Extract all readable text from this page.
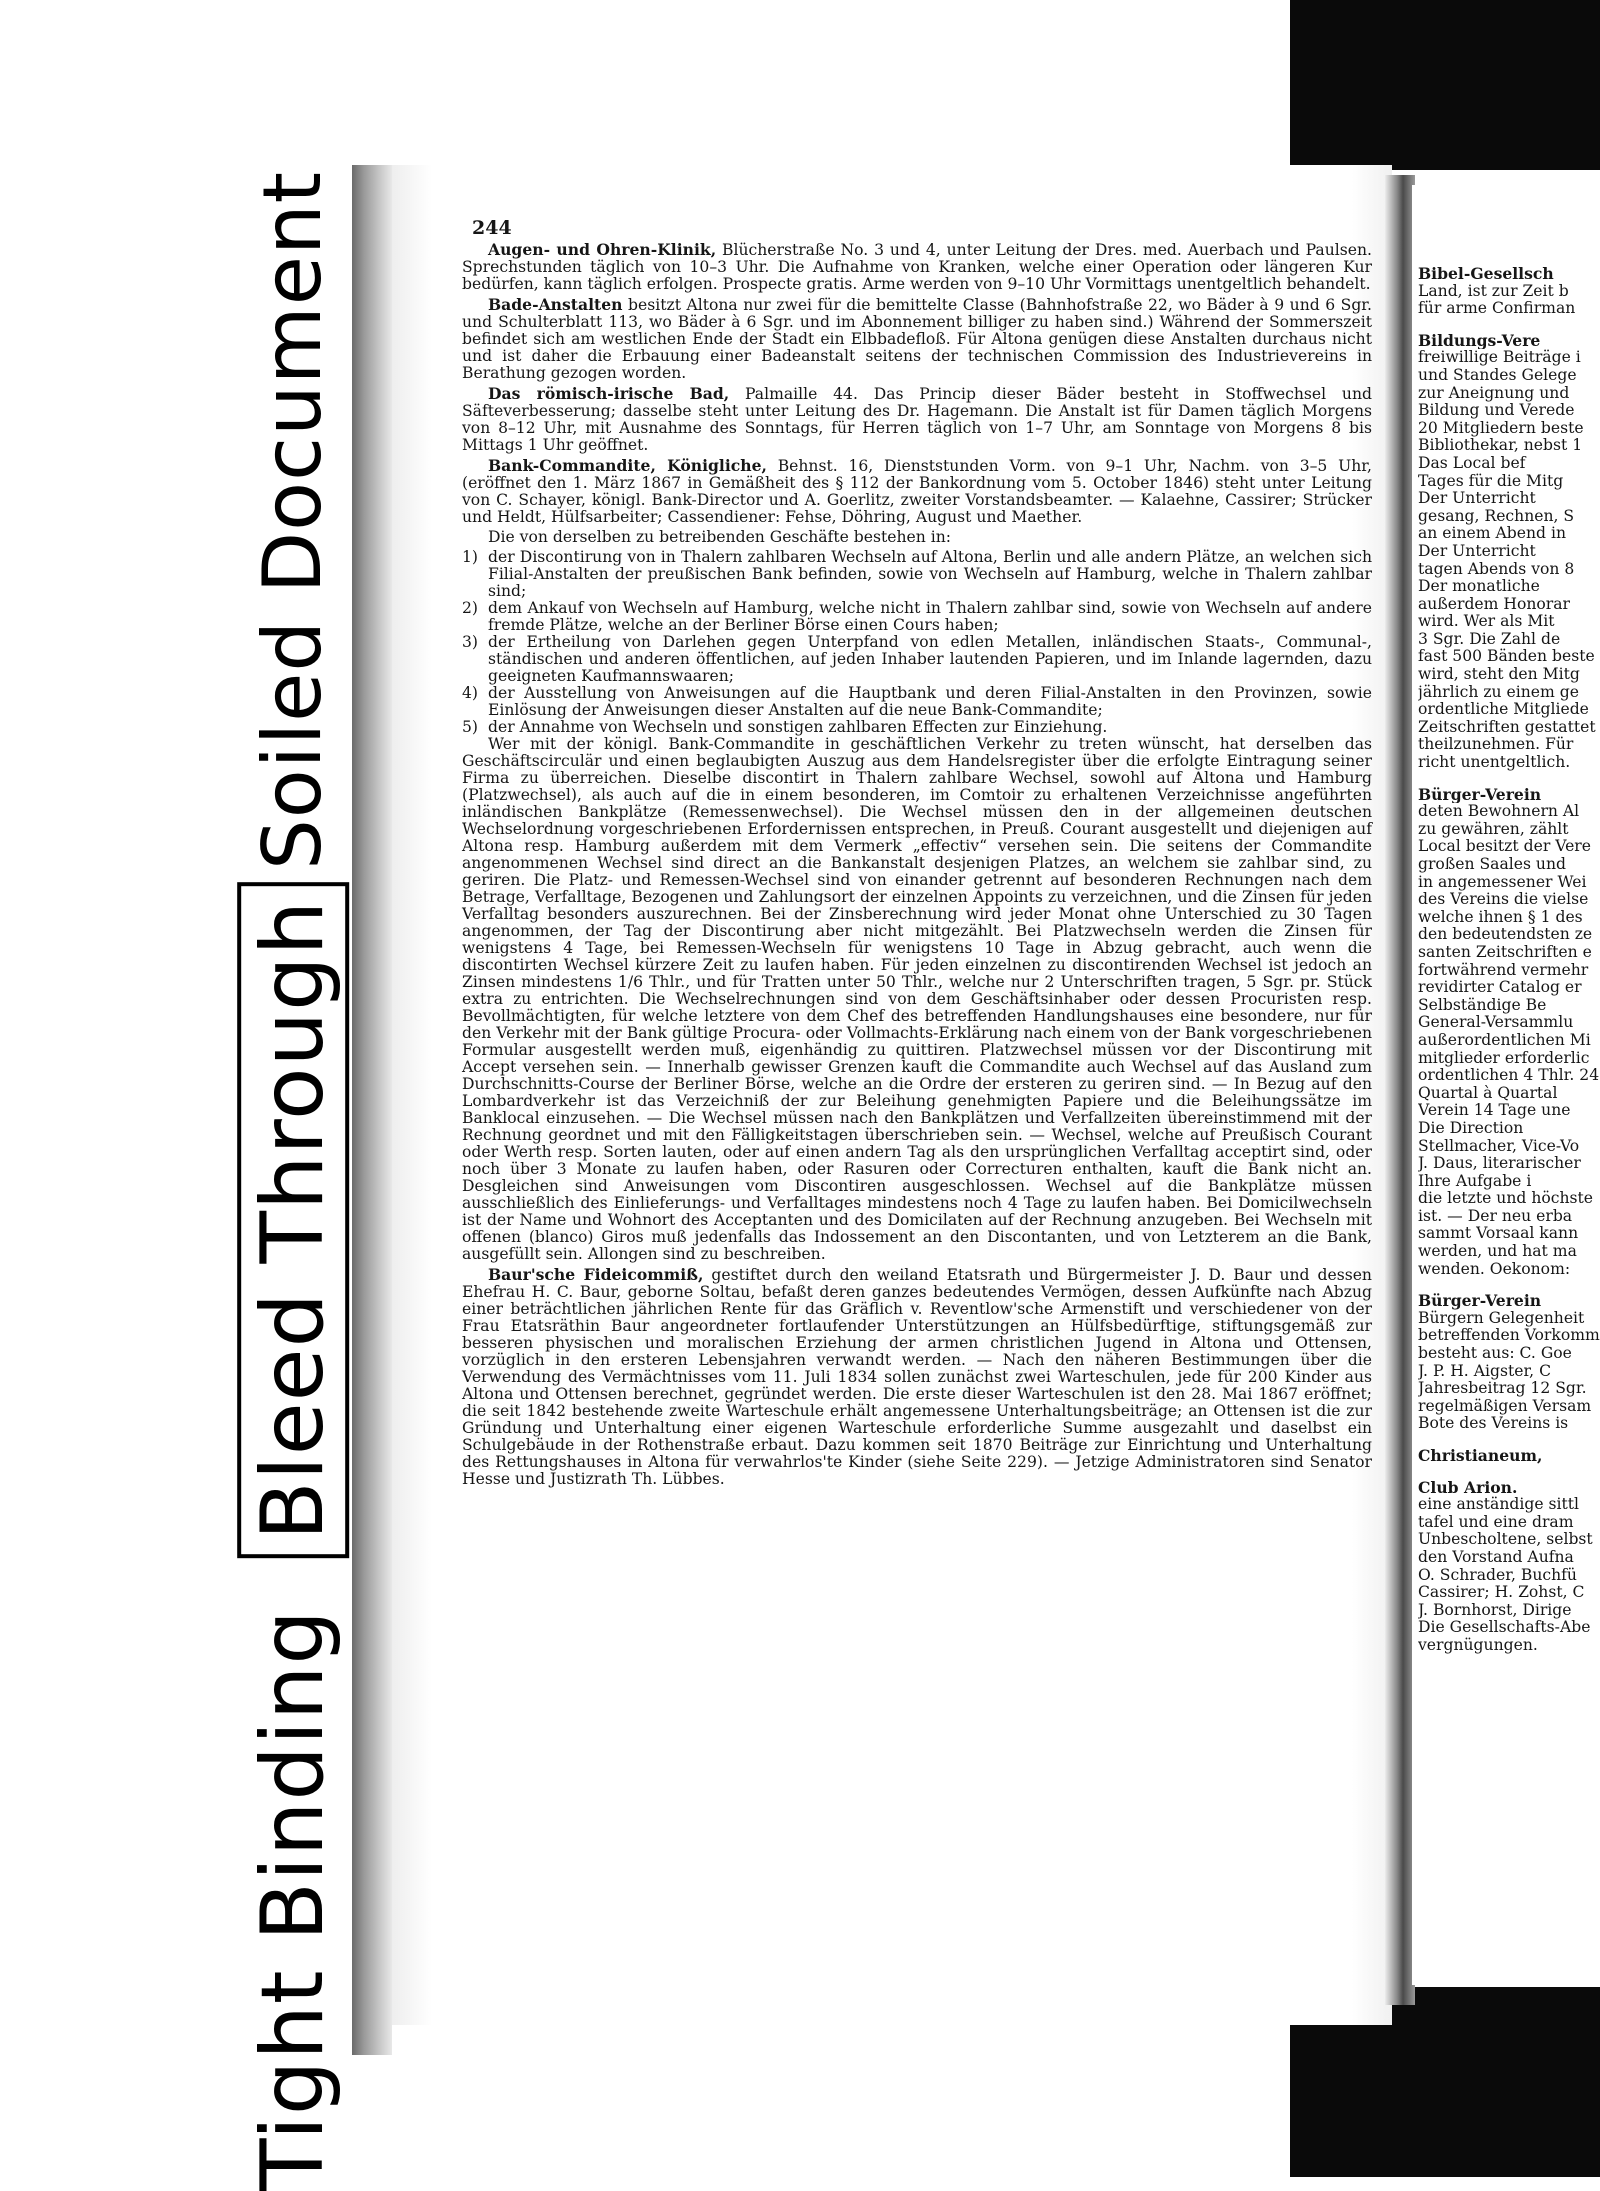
Soiled Document
Bleed Through
Tight Binding
244

Augen- und Ohren-Klinik, Blücherstraße No. 3 und 4, unter Leitung der Dres. med. Auerbach und Paulsen. Sprechstunden täglich von 10–3 Uhr. Die Aufnahme von Kranken, welche einer Operation oder längeren Kur bedürfen, kann täglich erfolgen. Prospecte gratis. Arme werden von 9–10 Uhr Vormittags unentgeltlich behandelt.

Bade-Anstalten besitzt Altona nur zwei für die bemittelte Classe (Bahnhofstraße 22, wo Bäder à 9 und 6 Sgr. und Schulterblatt 113, wo Bäder à 6 Sgr. und im Abonnement billiger zu haben sind.) Während der Sommerszeit befindet sich am westlichen Ende der Stadt ein Elbbadefloß. Für Altona genügen diese Anstalten durchaus nicht und ist daher die Erbauung einer Badeanstalt seitens der technischen Commission des Industrievereins in Berathung gezogen worden.

Das römisch-irische Bad, Palmaille 44. Das Princip dieser Bäder besteht in Stoffwechsel und Säfteverbesserung; dasselbe steht unter Leitung des Dr. Hagemann. Die Anstalt ist für Damen täglich Morgens von 8–12 Uhr, mit Ausnahme des Sonntags, für Herren täglich von 1–7 Uhr, am Sonntage von Morgens 8 bis Mittags 1 Uhr geöffnet.

Bank-Commandite, Königliche, Behnst. 16, Dienststunden Vorm. von 9–1 Uhr, Nachm. von 3–5 Uhr, (eröffnet den 1. März 1867 in Gemäßheit des § 112 der Bankordnung vom 5. October 1846) steht unter Leitung von C. Schayer, königl. Bank-Director und A. Goerlitz, zweiter Vorstandsbeamter. — Kalaehne, Cassirer; Strücker und Heldt, Hülfsarbeiter; Cassendiener: Fehse, Döhring, August und Maether.

Die von derselben zu betreibenden Geschäfte bestehen in:

1) der Discontirung von in Thalern zahlbaren Wechseln auf Altona, Berlin und alle andern Plätze, an welchen sich Filial-Anstalten der preußischen Bank befinden, sowie von Wechseln auf Hamburg, welche in Thalern zahlbar sind;
2) dem Ankauf von Wechseln auf Hamburg, welche nicht in Thalern zahlbar sind, sowie von Wechseln auf andere fremde Plätze, welche an der Berliner Börse einen Cours haben;
3) der Ertheilung von Darlehen gegen Unterpfand von edlen Metallen, inländischen Staats-, Communal-, ständischen und anderen öffentlichen, auf jeden Inhaber lautenden Papieren, und im Inlande lagernden, dazu geeigneten Kaufmannswaaren;
4) der Ausstellung von Anweisungen auf die Hauptbank und deren Filial-Anstalten in den Provinzen, sowie Einlösung der Anweisungen dieser Anstalten auf die neue Bank-Commandite;
5) der Annahme von Wechseln und sonstigen zahlbaren Effecten zur Einziehung.

Wer mit der königl. Bank-Commandite in geschäftlichen Verkehr zu treten wünscht, hat derselben das Geschäftscirculär und einen beglaubigten Auszug aus dem Handelsregister über die erfolgte Eintragung seiner Firma zu überreichen. Dieselbe discontirt in Thalern zahlbare Wechsel, sowohl auf Altona und Hamburg (Platzwechsel), als auch auf die in einem besonderen, im Comtoir zu erhaltenen Verzeichnisse angeführten inländischen Bankplätze (Remessenwechsel). Die Wechsel müssen den in der allgemeinen deutschen Wechselordnung vorgeschriebenen Erfordernissen entsprechen, in Preuß. Courant ausgestellt und diejenigen auf Altona resp. Hamburg außerdem mit dem Vermerk „effectiv“ versehen sein. Die seitens der Commandite angenommenen Wechsel sind direct an die Bankanstalt desjenigen Platzes, an welchem sie zahlbar sind, zu geriren. Die Platz- und Remessen-Wechsel sind von einander getrennt auf besonderen Rechnungen nach dem Betrage, Verfalltage, Bezogenen und Zahlungsort der einzelnen Appoints zu verzeichnen, und die Zinsen für jeden Verfalltag besonders auszurechnen. Bei der Zinsberechnung wird jeder Monat ohne Unterschied zu 30 Tagen angenommen, der Tag der Discontirung aber nicht mitgezählt. Bei Platzwechseln werden die Zinsen für wenigstens 4 Tage, bei Remessen-Wechseln für wenigstens 10 Tage in Abzug gebracht, auch wenn die discontirten Wechsel kürzere Zeit zu laufen haben. Für jeden einzelnen zu discontirenden Wechsel ist jedoch an Zinsen mindestens 1/6 Thlr., und für Tratten unter 50 Thlr., welche nur 2 Unterschriften tragen, 5 Sgr. pr. Stück extra zu entrichten. Die Wechselrechnungen sind von dem Geschäftsinhaber oder dessen Procuristen resp. Bevollmächtigten, für welche letztere von dem Chef des betreffenden Handlungshauses eine besondere, nur für den Verkehr mit der Bank gültige Procura- oder Vollmachts-Erklärung nach einem von der Bank vorgeschriebenen Formular ausgestellt werden muß, eigenhändig zu quittiren. Platzwechsel müssen vor der Discontirung mit Accept versehen sein. — Innerhalb gewisser Grenzen kauft die Commandite auch Wechsel auf das Ausland zum Durchschnitts-Course der Berliner Börse, welche an die Ordre der ersteren zu geriren sind. — In Bezug auf den Lombardverkehr ist das Verzeichniß der zur Beleihung genehmigten Papiere und die Beleihungssätze im Banklocal einzusehen. — Die Wechsel müssen nach den Bankplätzen und Verfallzeiten übereinstimmend mit der Rechnung geordnet und mit den Fälligkeitstagen überschrieben sein. — Wechsel, welche auf Preußisch Courant oder Werth resp. Sorten lauten, oder auf einen andern Tag als den ursprünglichen Verfalltag acceptirt sind, oder noch über 3 Monate zu laufen haben, oder Rasuren oder Correcturen enthalten, kauft die Bank nicht an. Desgleichen sind Anweisungen vom Discontiren ausgeschlossen. Wechsel auf die Bankplätze müssen ausschließlich des Einlieferungs- und Verfalltages mindestens noch 4 Tage zu laufen haben. Bei Domicilwechseln ist der Name und Wohnort des Acceptanten und des Domicilaten auf der Rechnung anzugeben. Bei Wechseln mit offenen (blanco) Giros muß jedenfalls das Indossement an den Discontanten, und von Letzterem an die Bank, ausgefüllt sein. Allongen sind zu beschreiben.

Baur'sche Fideicommiß, gestiftet durch den weiland Etatsrath und Bürgermeister J. D. Baur und dessen Ehefrau H. C. Baur, geborne Soltau, befaßt deren ganzes bedeutendes Vermögen, dessen Aufkünfte nach Abzug einer beträchtlichen jährlichen Rente für das Gräflich v. Reventlow'sche Armenstift und verschiedener von der Frau Etatsräthin Baur angeordneter fortlaufender Unterstützungen an Hülfsbedürftige, stiftungsgemäß zur besseren physischen und moralischen Erziehung der armen christlichen Jugend in Altona und Ottensen, vorzüglich in den ersteren Lebensjahren verwandt werden. — Nach den näheren Bestimmungen über die Verwendung des Vermächtnisses vom 11. Juli 1834 sollen zunächst zwei Warteschulen, jede für 200 Kinder aus Altona und Ottensen berechnet, gegründet werden. Die erste dieser Warteschulen ist den 28. Mai 1867 eröffnet; die seit 1842 bestehende zweite Warteschule erhält angemessene Unterhaltungsbeiträge; an Ottensen ist die zur Gründung und Unterhaltung einer eigenen Warteschule erforderliche Summe ausgezahlt und daselbst ein Schulgebäude in der Rothenstraße erbaut. Dazu kommen seit 1870 Beiträge zur Einrichtung und Unterhaltung des Rettungshauses in Altona für verwahrlos'te Kinder (siehe Seite 229). — Jetzige Administratoren sind Senator Hesse und Justizrath Th. Lübbes.

Bibel-Gesellsch
Land, ist zur Zeit b
für arme Confirman
Bildungs-Vere
freiwillige Beiträge i
und Standes Gelege
zur Aneignung und
Bildung und Verede
20 Mitgliedern beste
Bibliothekar, nebst 1
Das Local bef
Tages für die Mitg
Der Unterricht
gesang, Rechnen, S
an einem Abend in
Der Unterricht
tagen Abends von 8
Der monatliche
außerdem Honorar
wird. Wer als Mit
3 Sgr. Die Zahl de
fast 500 Bänden beste
wird, steht den Mitg
jährlich zu einem ge
ordentliche Mitgliede
Zeitschriften gestattet
theilzunehmen. Für
richt unentgeltlich.
Bürger-Verein
deten Bewohnern Al
zu gewähren, zählt
Local besitzt der Vere
großen Saales und
in angemessener Wei
des Vereins die vielse
welche ihnen § 1 des
den bedeutendsten ze
santen Zeitschriften e
fortwährend vermehr
revidirter Catalog er
Selbständige Be
General-Versammlu
außerordentlichen Mi
mitglieder erforderlic
ordentlichen 4 Thlr. 24
Quartal à Quartal
Verein 14 Tage une
Die Direction
Stellmacher, Vice-Vo
J. Daus, literarischer
Ihre Aufgabe i
die letzte und höchste
ist. — Der neu erba
sammt Vorsaal kann
werden, und hat ma
wenden. Oekonom:
Bürger-Verein
Bürgern Gelegenheit
betreffenden Vorkomm
besteht aus: C. Goe
J. P. H. Aigster, C
Jahresbeitrag 12 Sgr.
regelmäßigen Versam
Bote des Vereins is
Christianeum,
Club Arion.
eine anständige sittl
tafel und eine dram
Unbescholtene, selbst
den Vorstand Aufna
O. Schrader, Buchfü
Cassirer; H. Zohst, C
J. Bornhorst, Dirige
Die Gesellschafts-Abe
vergnügungen.
